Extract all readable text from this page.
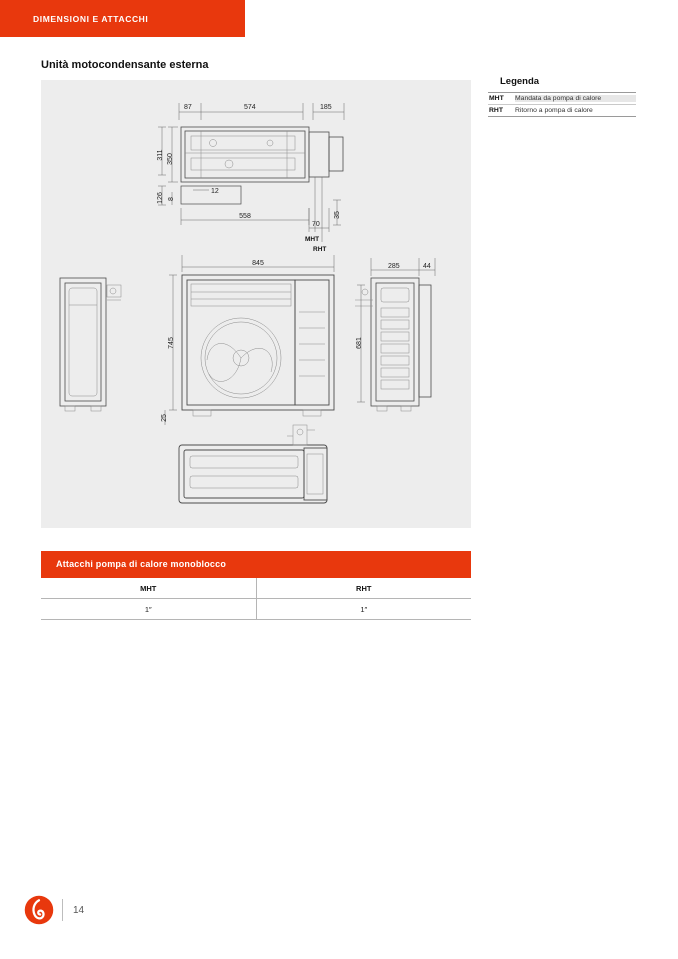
DIMENSIONI E ATTACCHI
Unità motocondensante esterna
87	574	185
350
311
126 8
12
558
70
35
MHT
RHT
845
745
25
285	44
681
Legenda
MHT	Mandata da pompa di calore
RHT	Ritorno a pompa di calore
Attacchi pompa di calore monoblocco
MHT	RHT
1″	1″
14
